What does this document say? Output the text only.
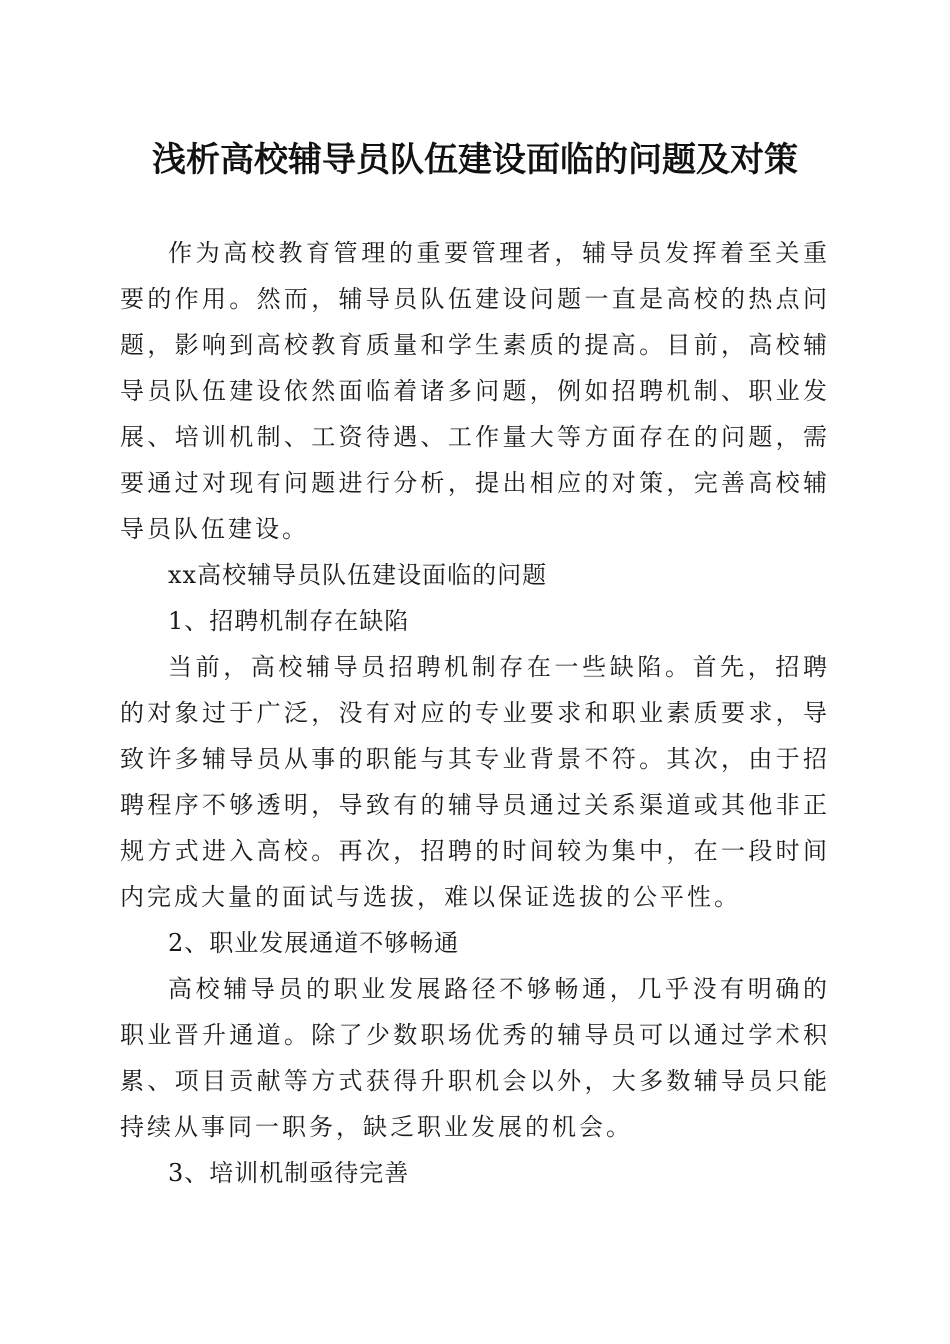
浅析高校辅导员队伍建设面临的问题及对策

作为高校教育管理的重要管理者，辅导员发挥着至关重要的作用。然而，辅导员队伍建设问题一直是高校的热点问题，影响到高校教育质量和学生素质的提高。目前，高校辅导员队伍建设依然面临着诸多问题，例如招聘机制、职业发展、培训机制、工资待遇、工作量大等方面存在的问题，需要通过对现有问题进行分析，提出相应的对策，完善高校辅导员队伍建设。

xx高校辅导员队伍建设面临的问题

1、招聘机制存在缺陷

当前，高校辅导员招聘机制存在一些缺陷。首先，招聘的对象过于广泛，没有对应的专业要求和职业素质要求，导致许多辅导员从事的职能与其专业背景不符。其次，由于招聘程序不够透明，导致有的辅导员通过关系渠道或其他非正规方式进入高校。再次，招聘的时间较为集中，在一段时间内完成大量的面试与选拔，难以保证选拔的公平性。

2、职业发展通道不够畅通

高校辅导员的职业发展路径不够畅通，几乎没有明确的职业晋升通道。除了少数职场优秀的辅导员可以通过学术积累、项目贡献等方式获得升职机会以外，大多数辅导员只能持续从事同一职务，缺乏职业发展的机会。

3、培训机制亟待完善
